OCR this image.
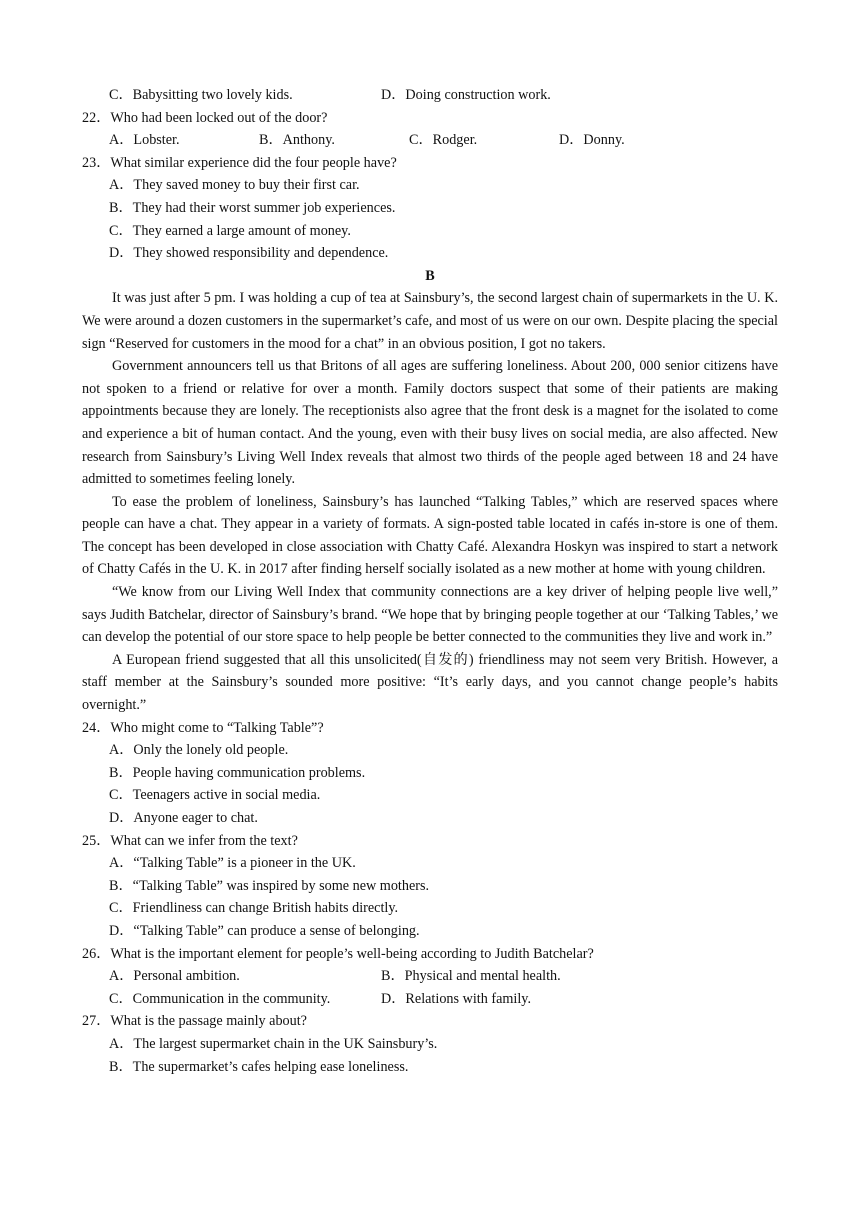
C．Babysitting two lovely kids.	D．Doing construction work.
22．Who had been locked out of the door?
A．Lobster.	B．Anthony.	C．Rodger.	D．Donny.
23．What similar experience did the four people have?
A．They saved money to buy their first car.
B．They had their worst summer job experiences.
C．They earned a large amount of money.
D．They showed responsibility and dependence.
B

It was just after 5 pm. I was holding a cup of tea at Sainsbury’s, the second largest chain of supermarkets in the U. K. We were around a dozen customers in the supermarket’s cafe, and most of us were on our own. Despite placing the special sign “Reserved for customers in the mood for a chat” in an obvious position, I got no takers.

Government announcers tell us that Britons of all ages are suffering loneliness. About 200, 000 senior citizens have not spoken to a friend or relative for over a month. Family doctors suspect that some of their patients are making appointments because they are lonely. The receptionists also agree that the front desk is a magnet for the isolated to come and experience a bit of human contact. And the young, even with their busy lives on social media, are also affected. New research from Sainsbury’s Living Well Index reveals that almost two thirds of the people aged between 18 and 24 have admitted to sometimes feeling lonely.

To ease the problem of loneliness, Sainsbury’s has launched “Talking Tables,” which are reserved spaces where people can have a chat. They appear in a variety of formats. A sign-posted table located in cafés in-store is one of them. The concept has been developed in close association with Chatty Café. Alexandra Hoskyn was inspired to start a network of Chatty Cafés in the U. K. in 2017 after finding herself socially isolated as a new mother at home with young children.

“We know from our Living Well Index that community connections are a key driver of helping people live well,” says Judith Batchelar, director of Sainsbury’s brand. “We hope that by bringing people together at our ‘Talking Tables,’ we can develop the potential of our store space to help people be better connected to the communities they live and work in.”

A European friend suggested that all this unsolicited(自发的) friendliness may not seem very British. However, a staff member at the Sainsbury’s sounded more positive: “It’s early days, and you cannot change people’s habits overnight.”

24．Who might come to “Talking Table”?
A．Only the lonely old people.
B．People having communication problems.
C．Teenagers active in social media.
D．Anyone eager to chat.
25．What can we infer from the text?
A．“Talking Table” is a pioneer in the UK.
B．“Talking Table” was inspired by some new mothers.
C．Friendliness can change British habits directly.
D．“Talking Table” can produce a sense of belonging.
26．What is the important element for people’s well-being according to Judith Batchelar?
A．Personal ambition.	B．Physical and mental health.
C．Communication in the community.	D．Relations with family.
27．What is the passage mainly about?
A．The largest supermarket chain in the UK Sainsbury’s.
B．The supermarket’s cafes helping ease loneliness.
